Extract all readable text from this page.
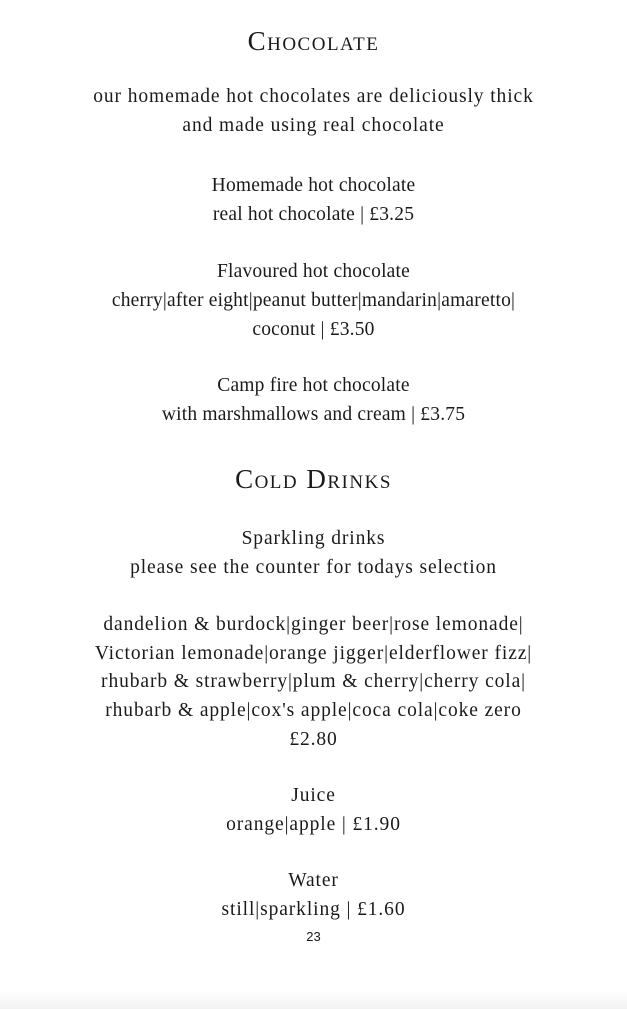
Chocolate
our homemade hot chocolates are deliciously thick
and made using real chocolate
Homemade hot chocolate
real hot chocolate | £3.25
Flavoured hot chocolate
cherry|after eight|peanut butter|mandarin|amaretto|
coconut | £3.50
Camp fire hot chocolate
with marshmallows and cream | £3.75
Cold Drinks
Sparkling drinks
please see the counter for todays selection
dandelion & burdock|ginger beer|rose lemonade|
Victorian lemonade|orange jigger|elderflower fizz|
rhubarb & strawberry|plum & cherry|cherry cola|
rhubarb & apple|cox's apple|coca cola|coke zero
£2.80
Juice
orange|apple | £1.90
Water
still|sparkling | £1.60
23
